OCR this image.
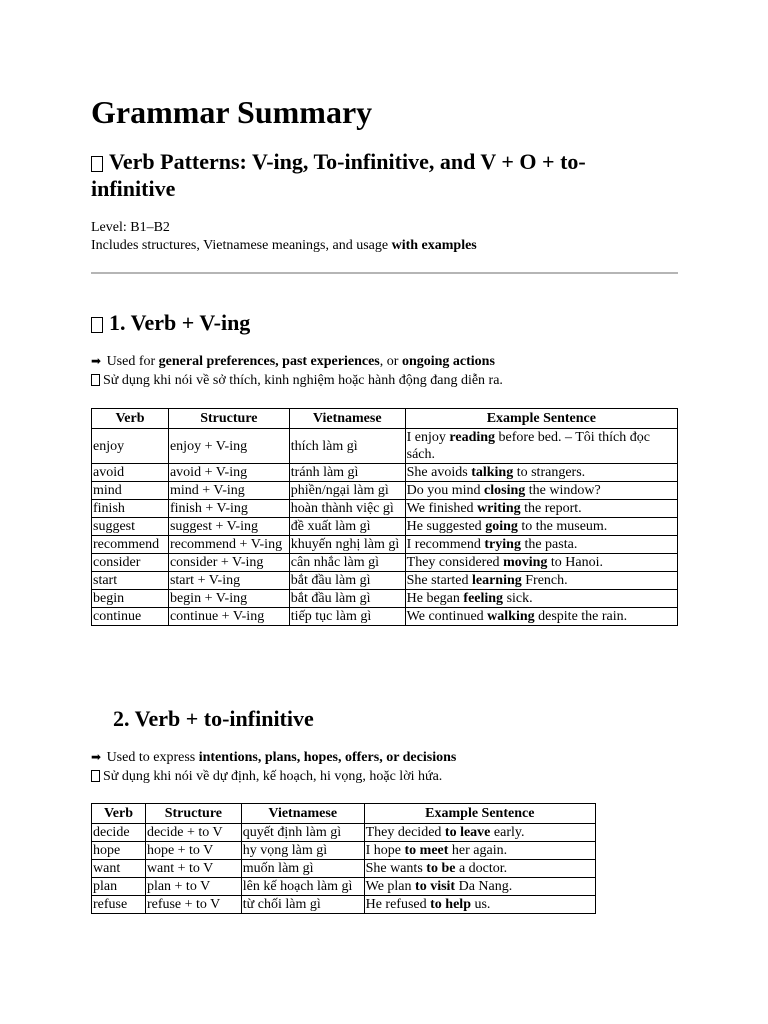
Grammar Summary
Verb Patterns: V-ing, To-infinitive, and V + O + to-infinitive
Level: B1–B2
Includes structures, Vietnamese meanings, and usage with examples
1. Verb + V-ing
➡ Used for general preferences, past experiences, or ongoing actions
Sử dụng khi nói về sở thích, kinh nghiệm hoặc hành động đang diễn ra.
Verb	Structure	Vietnamese	Example Sentence
enjoy	enjoy + V-ing	thích làm gì	I enjoy reading before bed. – Tôi thích đọc sách.
avoid	avoid + V-ing	tránh làm gì	She avoids talking to strangers.
mind	mind + V-ing	phiền/ngại làm gì	Do you mind closing the window?
finish	finish + V-ing	hoàn thành việc gì	We finished writing the report.
suggest	suggest + V-ing	đề xuất làm gì	He suggested going to the museum.
recommend	recommend + V-ing	khuyến nghị làm gì	I recommend trying the pasta.
consider	consider + V-ing	cân nhắc làm gì	They considered moving to Hanoi.
start	start + V-ing	bắt đầu làm gì	She started learning French.
begin	begin + V-ing	bắt đầu làm gì	He began feeling sick.
continue	continue + V-ing	tiếp tục làm gì	We continued walking despite the rain.
2. Verb + to-infinitive
➡ Used to express intentions, plans, hopes, offers, or decisions
Sử dụng khi nói về dự định, kế hoạch, hi vọng, hoặc lời hứa.
Verb	Structure	Vietnamese	Example Sentence
decide	decide + to V	quyết định làm gì	They decided to leave early.
hope	hope + to V	hy vọng làm gì	I hope to meet her again.
want	want + to V	muốn làm gì	She wants to be a doctor.
plan	plan + to V	lên kế hoạch làm gì	We plan to visit Da Nang.
refuse	refuse + to V	từ chối làm gì	He refused to help us.
